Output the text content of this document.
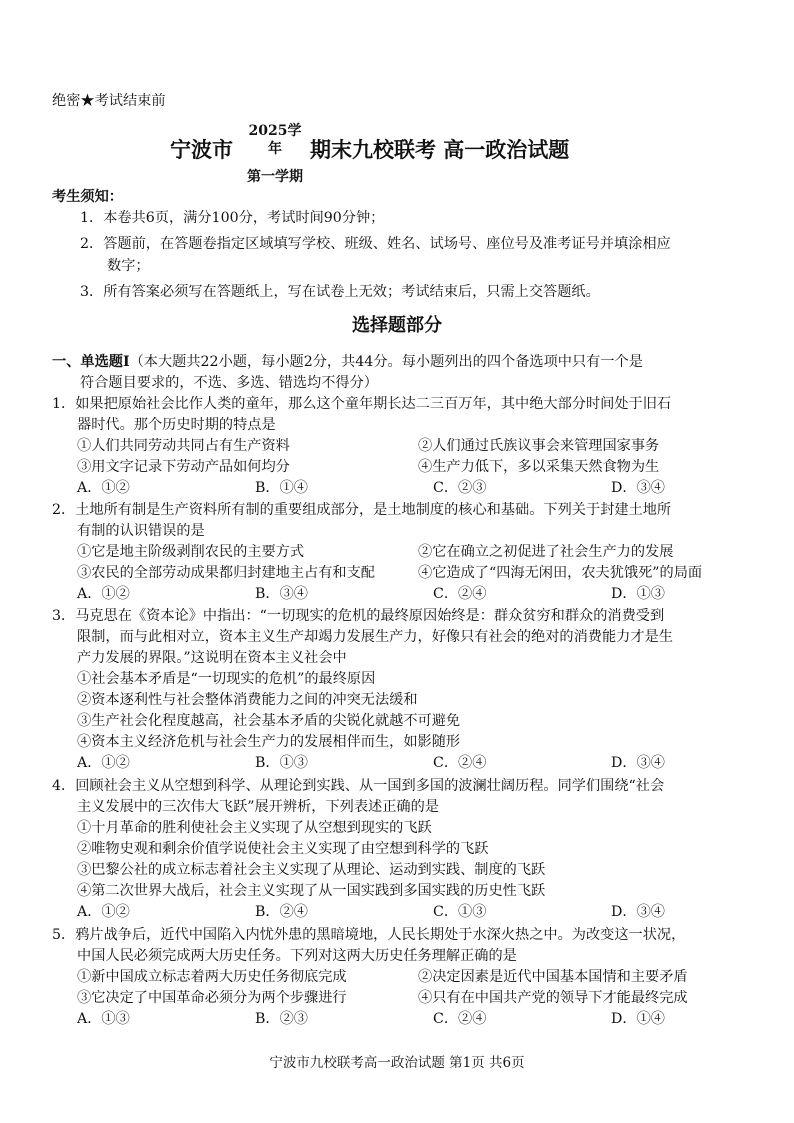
绝密★考试结束前
宁波市
2025学年
第一学期
期末九校联考 高一政治试题
考生须知：
1．本卷共6页，满分100分，考试时间90分钟；
2．答题前，在答题卷指定区域填写学校、班级、姓名、试场号、座位号及准考证号并填涂相应
数字；
3．所有答案必须写在答题纸上，写在试卷上无效；考试结束后，只需上交答题纸。
选择题部分
一、单选题Ⅰ（本大题共22小题，每小题2分，共44分。每小题列出的四个备选项中只有一个是
符合题目要求的，不选、多选、错选均不得分）
1．如果把原始社会比作人类的童年，那么这个童年期长达二三百万年，其中绝大部分时间处于旧石
器时代。那个历史时期的特点是
①人们共同劳动共同占有生产资料	②人们通过氏族议事会来管理国家事务
③用文字记录下劳动产品如何均分	④生产力低下，多以采集天然食物为生
A．①②	B．①④	C．②③	D．③④
2．土地所有制是生产资料所有制的重要组成部分，是土地制度的核心和基础。下列关于封建土地所
有制的认识错误的是
①它是地主阶级剥削农民的主要方式	②它在确立之初促进了社会生产力的发展
③农民的全部劳动成果都归封建地主占有和支配	④它造成了“四海无闲田，农夫犹饿死”的局面
A．①②	B．③④	C．②④	D．①③
3．马克思在《资本论》中指出：“一切现实的危机的最终原因始终是：群众贫穷和群众的消费受到
限制，而与此相对立，资本主义生产却竭力发展生产力，好像只有社会的绝对的消费能力才是生
产力发展的界限。”这说明在资本主义社会中
①社会基本矛盾是“一切现实的危机”的最终原因
②资本逐利性与社会整体消费能力之间的冲突无法缓和
③生产社会化程度越高，社会基本矛盾的尖锐化就越不可避免
④资本主义经济危机与社会生产力的发展相伴而生，如影随形
A．①②	B．①③	C．②④	D．③④
4．回顾社会主义从空想到科学、从理论到实践、从一国到多国的波澜壮阔历程。同学们围绕“社会
主义发展中的三次伟大飞跃”展开辨析，下列表述正确的是
①十月革命的胜利使社会主义实现了从空想到现实的飞跃
②唯物史观和剩余价值学说使社会主义实现了由空想到科学的飞跃
③巴黎公社的成立标志着社会主义实现了从理论、运动到实践、制度的飞跃
④第二次世界大战后，社会主义实现了从一国实践到多国实践的历史性飞跃
A．①②	B．②④	C．①③	D．③④
5．鸦片战争后，近代中国陷入内忧外患的黑暗境地，人民长期处于水深火热之中。为改变这一状况，
中国人民必须完成两大历史任务。下列对这两大历史任务理解正确的是
①新中国成立标志着两大历史任务彻底完成	②决定因素是近代中国基本国情和主要矛盾
③它决定了中国革命必须分为两个步骤进行	④只有在中国共产党的领导下才能最终完成
A．①③	B．②③	C．②④	D．①④
宁波市九校联考高一政治试题 第1页 共6页
